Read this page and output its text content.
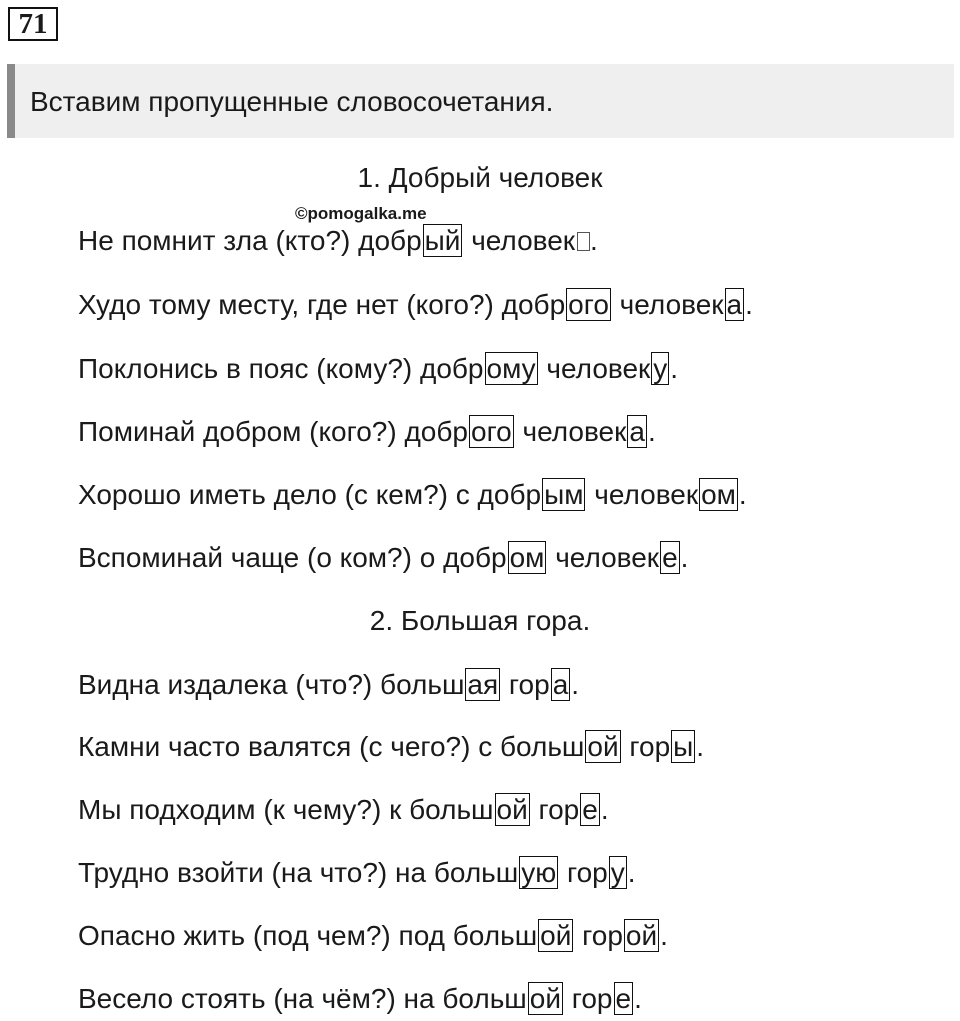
71
Вставим пропущенные словосочетания.
©pomogalka.me
1. Добрый человек
Не помнит зла (кто?) добр ый человек .
Худо тому месту, где нет (кого?) добр ого человек а .
Поклонись в пояс (кому?) добр ому человек у .
Поминай добром (кого?) добр ого человек а .
Хорошо иметь дело (с кем?) с добр ым человек ом .
Вспоминай чаще (о ком?) о добр ом человек е .
2. Большая гора.
Видна издалека (что?) больш ая гор а .
Камни часто валятся (с чего?) с больш ой гор ы .
Мы подходим (к чему?) к больш ой гор е .
Трудно взойти (на что?) на больш ую гор у .
Опасно жить (под чем?) под больш ой гор ой .
Весело стоять (на чём?) на больш ой гор е .
